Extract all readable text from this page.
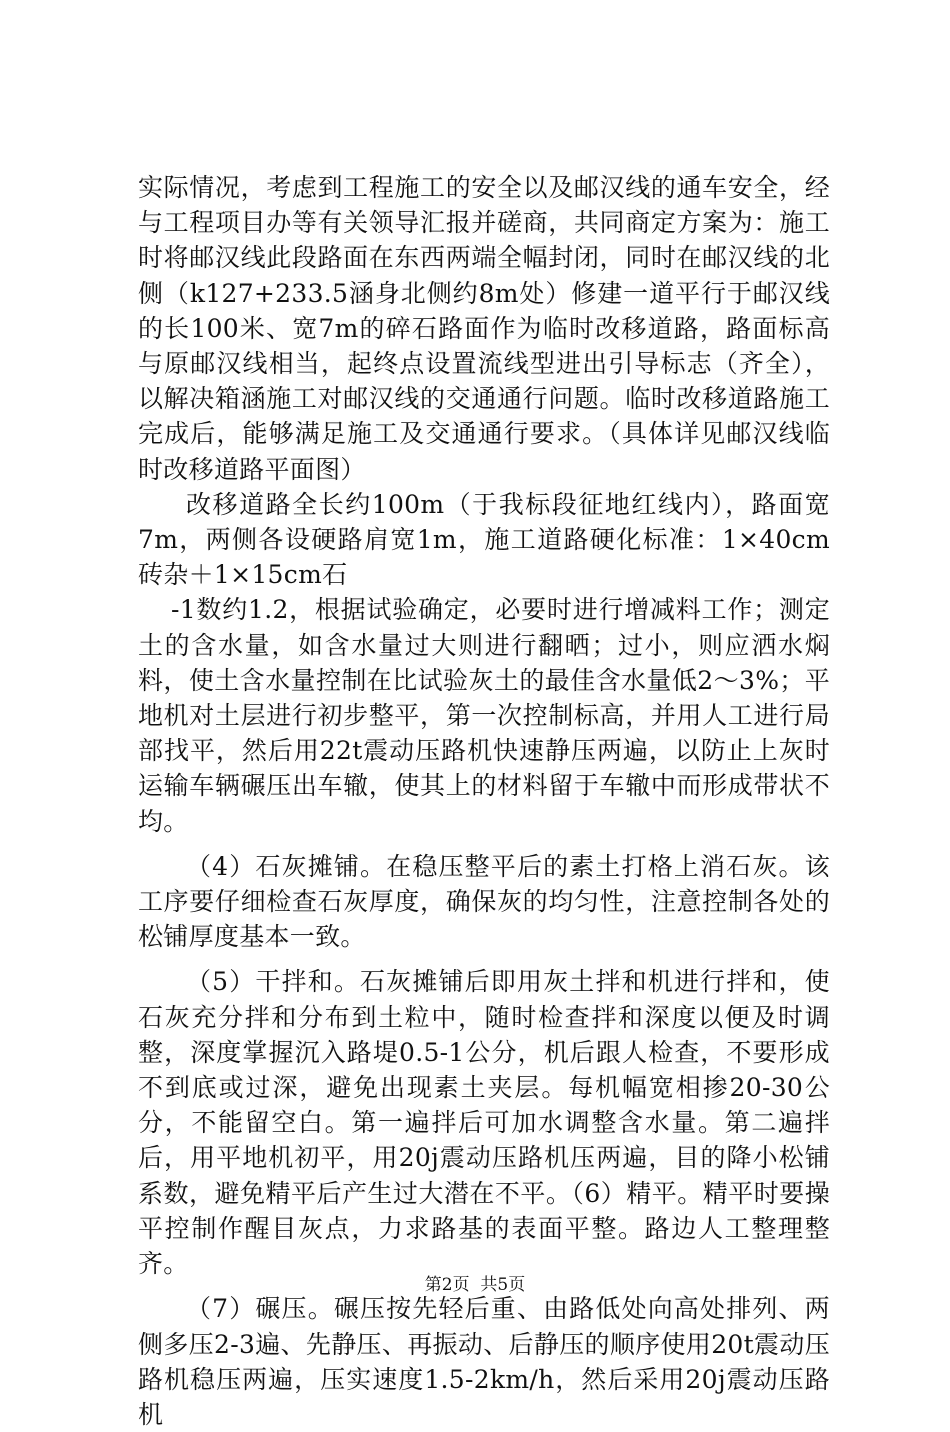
实际情况，考虑到工程施工的安全以及邮汉线的通车安全，经与工程项目办等有关领导汇报并磋商，共同商定方案为：施工时将邮汉线此段路面在东西两端全幅封闭，同时在邮汉线的北侧（k127+233.5涵身北侧约8m处）修建一道平行于邮汉线的长100米、宽7m的碎石路面作为临时改移道路，路面标高与原邮汉线相当，起终点设置流线型进出引导标志（齐全），以解决箱涵施工对邮汉线的交通通行问题。临时改移道路施工完成后，能够满足施工及交通通行要求。（具体详见邮汉线临时改移道路平面图）

改移道路全长约100m（于我标段征地红线内），路面宽7m，两侧各设硬路肩宽1m，施工道路硬化标准：1×40cm砖杂＋1×15cm石

-1数约1.2，根据试验确定，必要时进行增减料工作；测定土的含水量，如含水量过大则进行翻晒；过小，则应洒水焖料，使土含水量控制在比试验灰土的最佳含水量低2～3%；平地机对土层进行初步整平，第一次控制标高，并用人工进行局部找平，然后用22t震动压路机快速静压两遍，以防止上灰时运输车辆碾压出车辙，使其上的材料留于车辙中而形成带状不均。

（4）石灰摊铺。在稳压整平后的素土打格上消石灰。该工序要仔细检查石灰厚度，确保灰的均匀性，注意控制各处的松铺厚度基本一致。

（5）干拌和。石灰摊铺后即用灰土拌和机进行拌和，使石灰充分拌和分布到土粒中，随时检查拌和深度以便及时调整，深度掌握沉入路堤0.5-1公分，机后跟人检查，不要形成不到底或过深，避免出现素土夹层。每机幅宽相掺20-30公分，不能留空白。第一遍拌后可加水调整含水量。第二遍拌后，用平地机初平，用20j震动压路机压两遍，目的降小松铺系数，避免精平后产生过大潜在不平。（6）精平。精平时要操平控制作醒目灰点，力求路基的表面平整。路边人工整理整齐。

（7）碾压。碾压按先轻后重、由路低处向高处排列、两侧多压2-3遍、先静压、再振动、后静压的顺序使用20t震动压路机稳压两遍，压实速度1.5-2km/h，然后采用20j震动压路机

第2页 共5页
